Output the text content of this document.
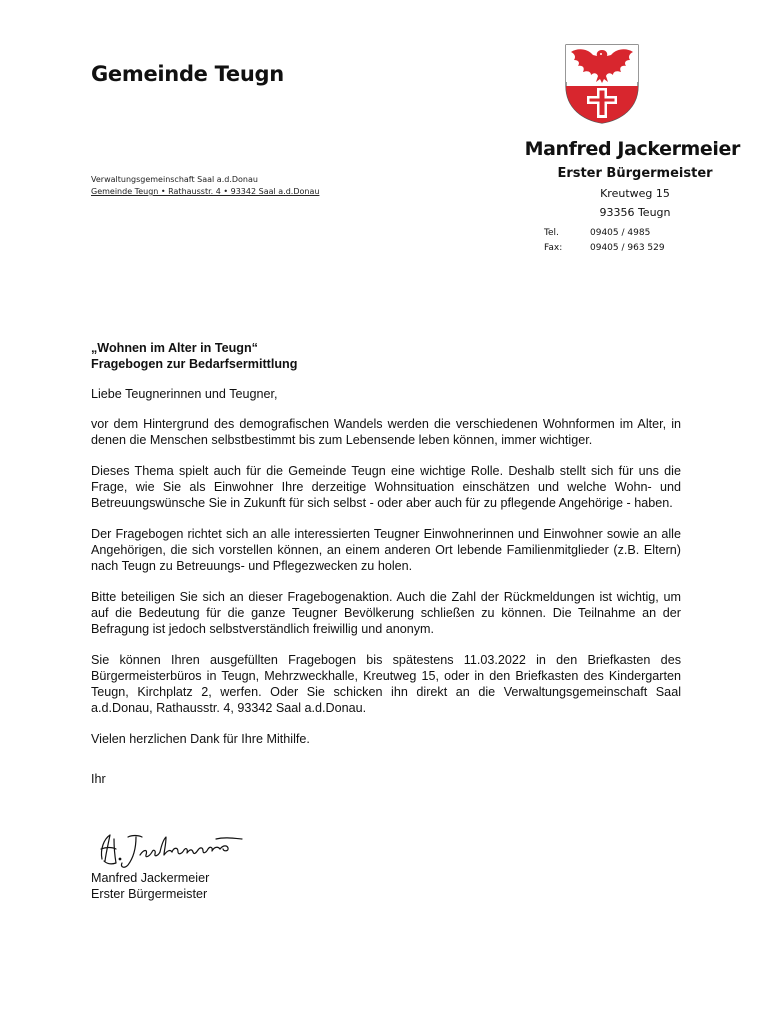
Gemeinde Teugn
Verwaltungsgemeinschaft Saal a.d.Donau
Gemeinde Teugn • Rathausstr. 4 • 93342 Saal a.d.Donau
Manfred Jackermeier
Erster Bürgermeister
Kreutweg 15
93356 Teugn
Tel.	09405 / 4985
Fax:	09405 / 963 529
„Wohnen im Alter in Teugn“
Fragebogen zur Bedarfsermittlung

Liebe Teugnerinnen und Teugner,

vor dem Hintergrund des demografischen Wandels werden die verschiedenen Wohnformen im Alter, in denen die Menschen selbstbestimmt bis zum Lebensende leben können, immer wichtiger.

Dieses Thema spielt auch für die Gemeinde Teugn eine wichtige Rolle. Deshalb stellt sich für uns die Frage, wie Sie als Einwohner Ihre derzeitige Wohnsituation einschätzen und welche Wohn- und Betreuungswünsche Sie in Zukunft für sich selbst - oder aber auch für zu pflegende Angehörige - haben.

Der Fragebogen richtet sich an alle interessierten Teugner Einwohnerinnen und Einwohner sowie an alle Angehörigen, die sich vorstellen können, an einem anderen Ort lebende Familienmitglieder (z.B. Eltern) nach Teugn zu Betreuungs- und Pflegezwecken zu holen.

Bitte beteiligen Sie sich an dieser Fragebogenaktion. Auch die Zahl der Rückmeldungen ist wichtig, um auf die Bedeutung für die ganze Teugner Bevölkerung schließen zu können. Die Teilnahme an der Befragung ist jedoch selbstverständlich freiwillig und anonym.

Sie können Ihren ausgefüllten Fragebogen bis spätestens 11.03.2022 in den Briefkasten des Bürgermeisterbüros in Teugn, Mehrzweckhalle, Kreutweg 15, oder in den Briefkasten des Kindergarten Teugn, Kirchplatz 2, werfen. Oder Sie schicken ihn direkt an die Verwaltungsgemeinschaft Saal a.d.Donau, Rathausstr. 4, 93342 Saal a.d.Donau.

Vielen herzlichen Dank für Ihre Mithilfe.

Ihr

Manfred Jackermeier
Erster Bürgermeister
